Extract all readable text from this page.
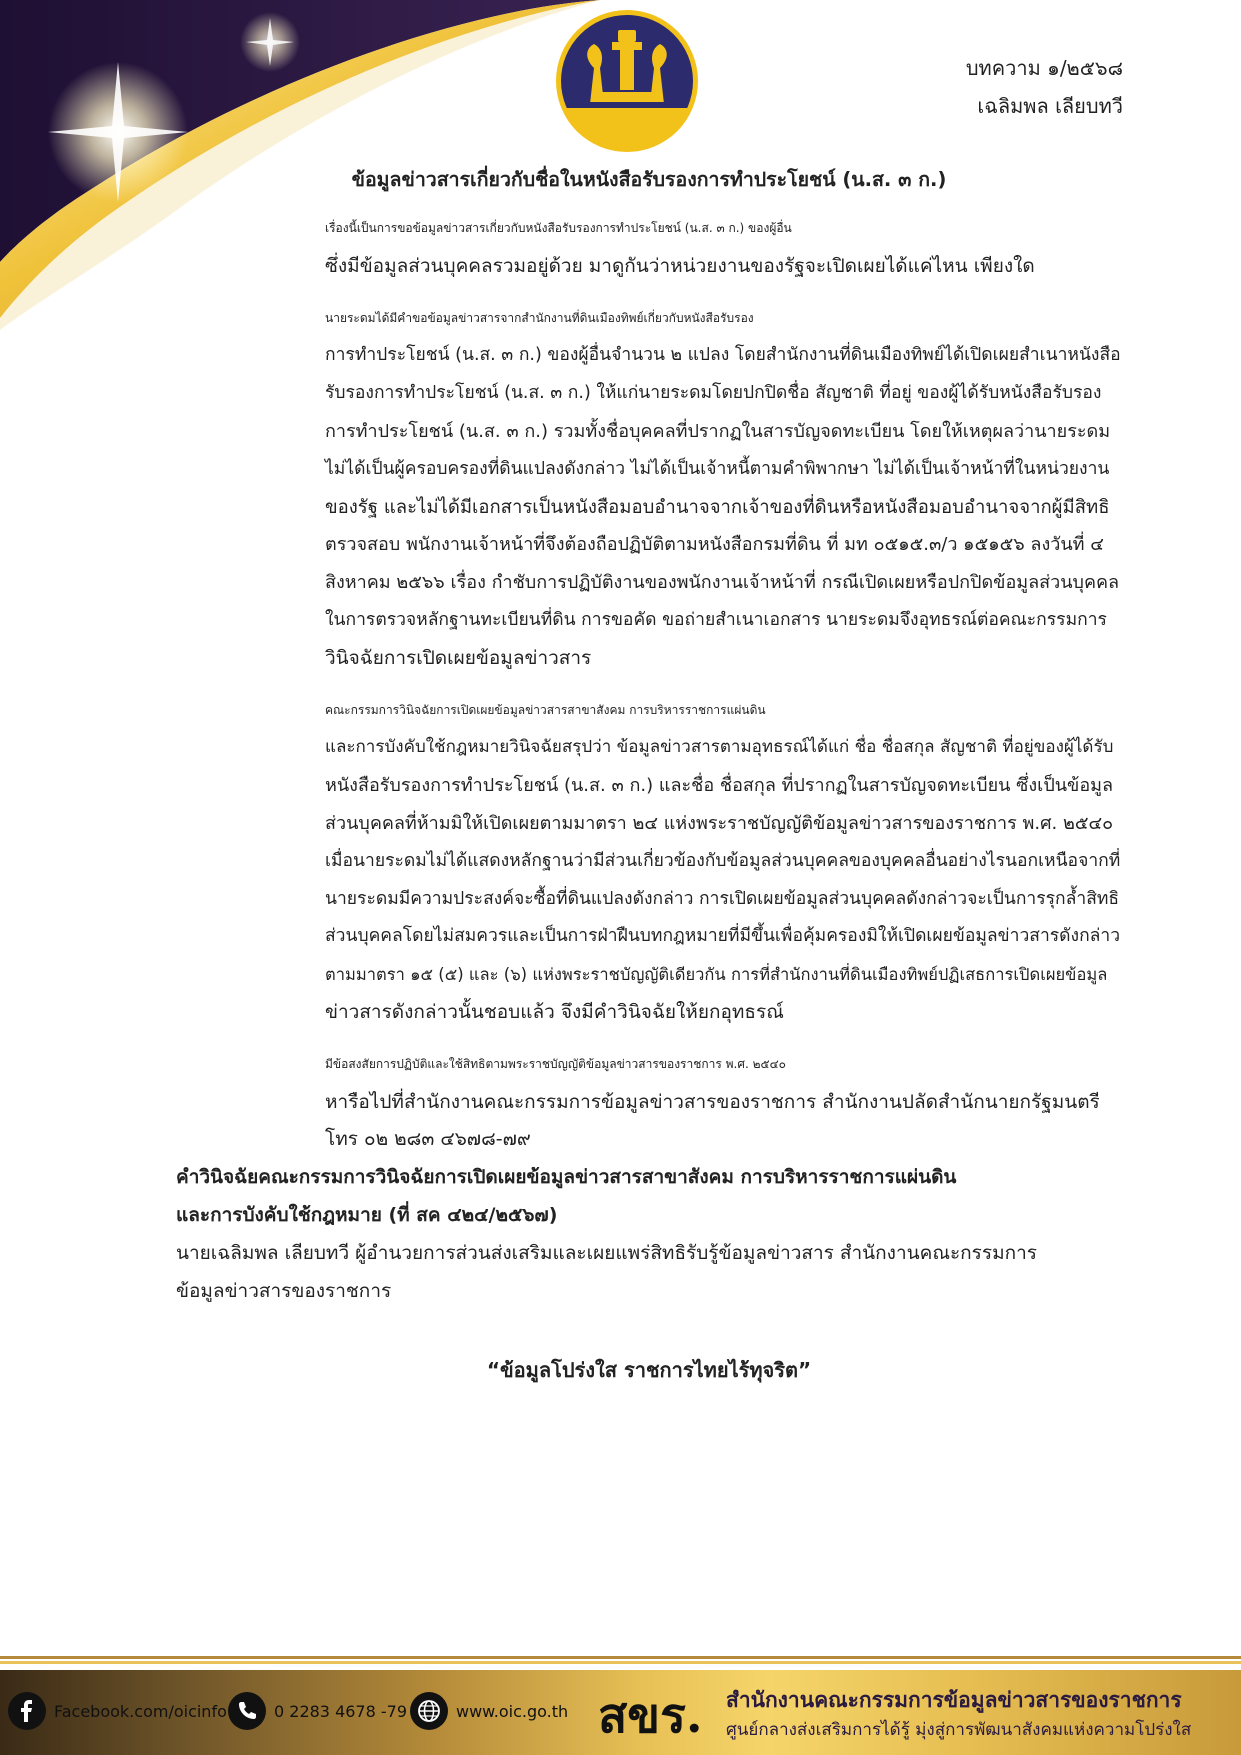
บทความ ๑/๒๕๖๘
เฉลิมพล เลียบทวี
ข้อมูลข่าวสารเกี่ยวกับชื่อในหนังสือรับรองการทำประโยชน์ (น.ส. ๓ ก.)
เรื่องนี้เป็นการขอข้อมูลข่าวสารเกี่ยวกับหนังสือรับรองการทำประโยชน์ (น.ส. ๓ ก.) ของผู้อื่น
ซึ่งมีข้อมูลส่วนบุคคลรวมอยู่ด้วย มาดูกันว่าหน่วยงานของรัฐจะเปิดเผยได้แค่ไหน เพียงใด
นายระดมได้มีคำขอข้อมูลข่าวสารจากสำนักงานที่ดินเมืองทิพย์เกี่ยวกับหนังสือรับรอง
การทำประโยชน์ (น.ส. ๓ ก.) ของผู้อื่นจำนวน ๒ แปลง โดยสำนักงานที่ดินเมืองทิพย์ได้เปิดเผยสำเนาหนังสือ
รับรองการทำประโยชน์ (น.ส. ๓ ก.) ให้แก่นายระดมโดยปกปิดชื่อ สัญชาติ ที่อยู่ ของผู้ได้รับหนังสือรับรอง
การทำประโยชน์ (น.ส. ๓ ก.) รวมทั้งชื่อบุคคลที่ปรากฏในสารบัญจดทะเบียน โดยให้เหตุผลว่านายระดม
ไม่ได้เป็นผู้ครอบครองที่ดินแปลงดังกล่าว ไม่ได้เป็นเจ้าหนี้ตามคำพิพากษา ไม่ได้เป็นเจ้าหน้าที่ในหน่วยงาน
ของรัฐ และไม่ได้มีเอกสารเป็นหนังสือมอบอำนาจจากเจ้าของที่ดินหรือหนังสือมอบอำนาจจากผู้มีสิทธิ
ตรวจสอบ พนักงานเจ้าหน้าที่จึงต้องถือปฏิบัติตามหนังสือกรมที่ดิน ที่ มท ๐๕๑๕.๓/ว ๑๕๑๕๖ ลงวันที่ ๔
สิงหาคม ๒๕๖๖ เรื่อง กำชับการปฏิบัติงานของพนักงานเจ้าหน้าที่ กรณีเปิดเผยหรือปกปิดข้อมูลส่วนบุคคล
ในการตรวจหลักฐานทะเบียนที่ดิน การขอคัด ขอถ่ายสำเนาเอกสาร นายระดมจึงอุทธรณ์ต่อคณะกรรมการ
วินิจฉัยการเปิดเผยข้อมูลข่าวสาร
คณะกรรมการวินิจฉัยการเปิดเผยข้อมูลข่าวสารสาขาสังคม การบริหารราชการแผ่นดิน
และการบังคับใช้กฎหมายวินิจฉัยสรุปว่า ข้อมูลข่าวสารตามอุทธรณ์ได้แก่ ชื่อ ชื่อสกุล สัญชาติ ที่อยู่ของผู้ได้รับ
หนังสือรับรองการทำประโยชน์ (น.ส. ๓ ก.) และชื่อ ชื่อสกุล ที่ปรากฏในสารบัญจดทะเบียน ซึ่งเป็นข้อมูล
ส่วนบุคคลที่ห้ามมิให้เปิดเผยตามมาตรา ๒๔ แห่งพระราชบัญญัติข้อมูลข่าวสารของราชการ พ.ศ. ๒๕๔๐
เมื่อนายระดมไม่ได้แสดงหลักฐานว่ามีส่วนเกี่ยวข้องกับข้อมูลส่วนบุคคลของบุคคลอื่นอย่างไรนอกเหนือจากที่
นายระดมมีความประสงค์จะซื้อที่ดินแปลงดังกล่าว การเปิดเผยข้อมูลส่วนบุคคลดังกล่าวจะเป็นการรุกล้ำสิทธิ
ส่วนบุคคลโดยไม่สมควรและเป็นการฝ่าฝืนบทกฎหมายที่มีขึ้นเพื่อคุ้มครองมิให้เปิดเผยข้อมูลข่าวสารดังกล่าว
ตามมาตรา ๑๕ (๕) และ (๖) แห่งพระราชบัญญัติเดียวกัน การที่สำนักงานที่ดินเมืองทิพย์ปฏิเสธการเปิดเผยข้อมูล
ข่าวสารดังกล่าวนั้นชอบแล้ว จึงมีคำวินิจฉัยให้ยกอุทธรณ์
มีข้อสงสัยการปฏิบัติและใช้สิทธิตามพระราชบัญญัติข้อมูลข่าวสารของราชการ พ.ศ. ๒๕๔๐
หารือไปที่สำนักงานคณะกรรมการข้อมูลข่าวสารของราชการ สำนักงานปลัดสำนักนายกรัฐมนตรี
โทร ๐๒ ๒๘๓ ๔๖๗๘-๗๙
คำวินิจฉัยคณะกรรมการวินิจฉัยการเปิดเผยข้อมูลข่าวสารสาขาสังคม การบริหารราชการแผ่นดิน
และการบังคับใช้กฎหมาย (ที่ สค ๔๒๔/๒๕๖๗)
นายเฉลิมพล เลียบทวี ผู้อำนวยการส่วนส่งเสริมและเผยแพร่สิทธิรับรู้ข้อมูลข่าวสาร สำนักงานคณะกรรมการ
ข้อมูลข่าวสารของราชการ
“ข้อมูลโปร่งใส ราชการไทยไร้ทุจริต”
Facebook.com/oicinfo	0 2283 4678 -79	www.oic.go.th สขร. สำนักงานคณะกรรมการข้อมูลข่าวสารของราชการ
ศูนย์กลางส่งเสริมการได้รู้ มุ่งสู่การพัฒนาสังคมแห่งความโปร่งใส
